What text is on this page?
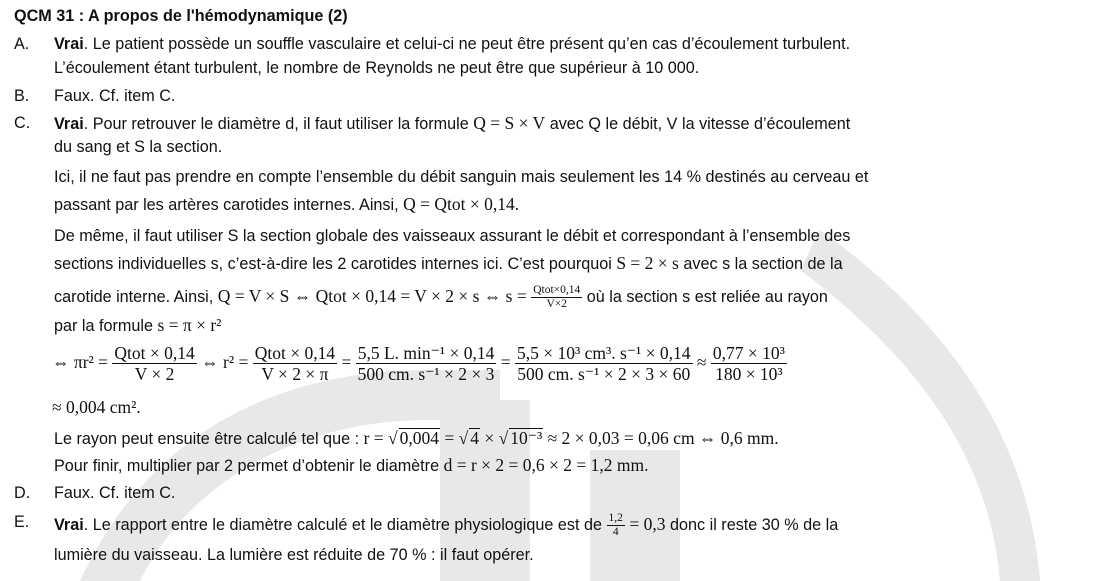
QCM 31 : A propos de l'hémodynamique (2)
A. Vrai. Le patient possède un souffle vasculaire et celui-ci ne peut être présent qu’en cas d’écoulement turbulent.
L’écoulement étant turbulent, le nombre de Reynolds ne peut être que supérieur à 10 000.
B. Faux. Cf. item C.
C. Vrai. Pour retrouver le diamètre d, il faut utiliser la formule Q = S × V avec Q le débit, V la vitesse d’écoulement
du sang et S la section.
Ici, il ne faut pas prendre en compte l’ensemble du débit sanguin mais seulement les 14 % destinés au cerveau et
passant par les artères carotides internes. Ainsi, Q = Qtot × 0,14.
De même, il faut utiliser S la section globale des vaisseaux assurant le débit et correspondant à l’ensemble des
sections individuelles s, c’est-à-dire les 2 carotides internes ici. C’est pourquoi S = 2 × s avec s la section de la
carotide interne. Ainsi, Q = V × S ⇔ Qtot × 0,14 = V × 2 × s ⇔ $s = \frac{\text{Qtot×0,14}}{V\times 2}$ où la section s est reliée au rayon
par la formule s = π × r²
⇔ $\pi r^2 = \frac{\text{Qtot × 0,14}}{V \times 2}$ ⇔ $r^2 = \frac{\text{Qtot × 0,14}}{V \times 2 \times \pi} = \frac{\text{5,5 L. min⁻¹ × 0,14}}{\text{500 cm. s⁻¹ × 2 × 3}} = \frac{\text{5,5 × 10³ cm³. s⁻¹ × 0,14}}{\text{500 cm. s⁻¹ × 2 × 3 × 60}} \approx \frac{\text{0,77 × 10³}}{\text{180 × 10³}}$
≈ 0,004 cm².
Le rayon peut ensuite être calculé tel que : r = √ 0,004 = √ 4 × √ 10⁻³ ≈ 2 × 0,03 = 0,06 cm ⇔ 0,6 mm.
Pour finir, multiplier par 2 permet d’obtenir le diamètre d = r × 2 = 0,6 × 2 = 1,2 mm.
D. Faux. Cf. item C.
E. Vrai. Le rapport entre le diamètre calculé et le diamètre physiologique est de $\frac{1,2}{4} = 0,3$ donc il reste 30 % de la
lumière du vaisseau. La lumière est réduite de 70 % : il faut opérer.
